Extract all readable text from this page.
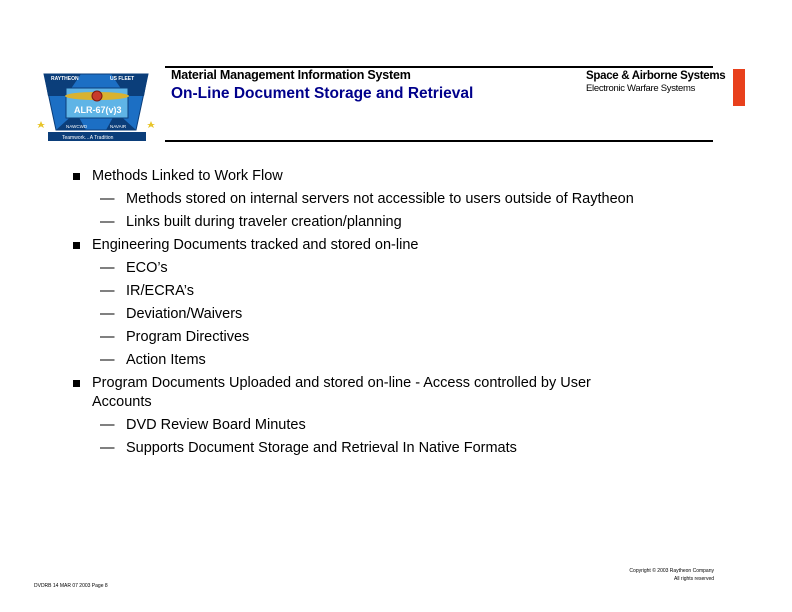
RAYTHEON	US FLEET
ALR-67(v)3
NAWCWD	NAVAIR
Teamwork…A Tradition
Material Management Information System
On-Line Document Storage and Retrieval
Space & Airborne Systems
Electronic Warfare Systems
Methods Linked to Work Flow
— Methods stored on internal servers not accessible to users outside of Raytheon
— Links built during traveler creation/planning
Engineering Documents tracked and stored on-line
— ECO’s
— IR/ECRA’s
— Deviation/Waivers
— Program Directives
— Action Items
Program Documents Uploaded and stored on-line - Access controlled by User
Accounts
— DVD Review Board Minutes
— Supports Document Storage and Retrieval In Native Formats
DVDRB 14 MAR 07 2003 Page 8
Copyright © 2003 Raytheon Company
All rights reserved
